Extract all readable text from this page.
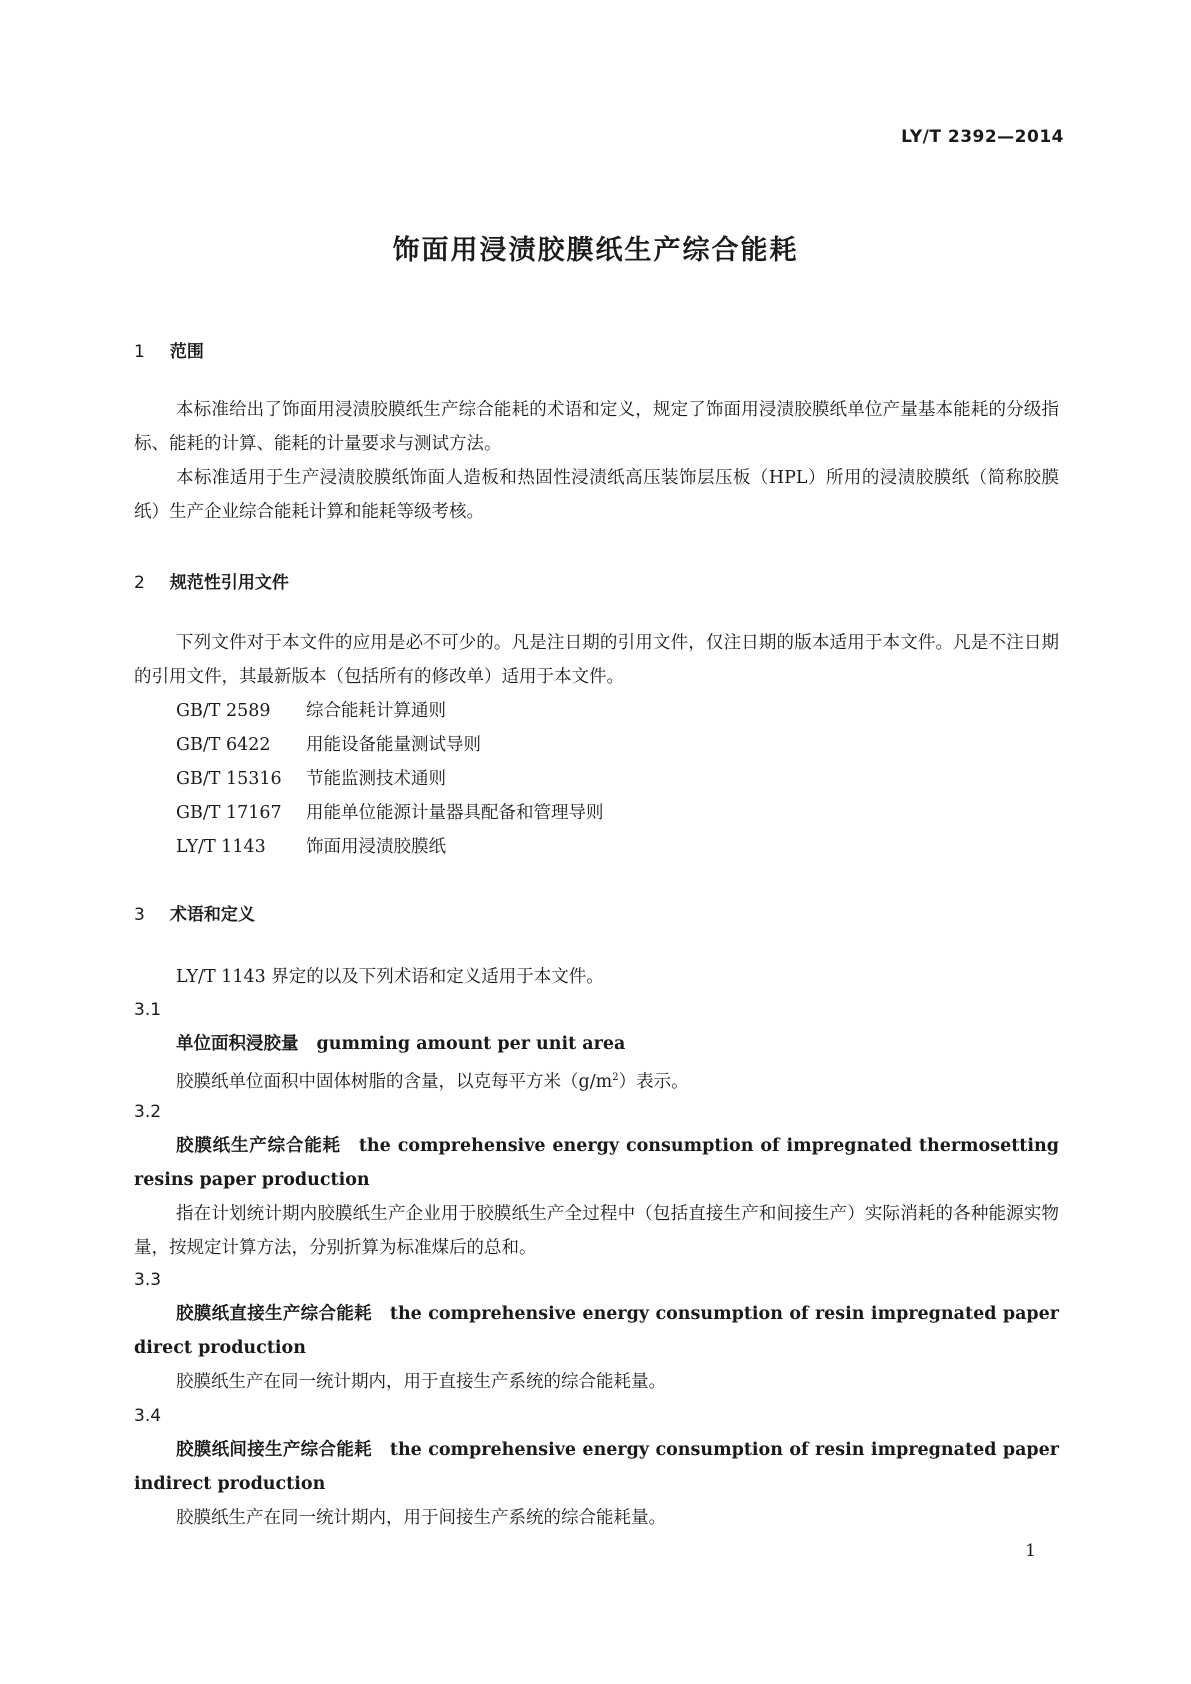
LY/T 2392—2014
饰面用浸渍胶膜纸生产综合能耗
1 范围
本标准给出了饰面用浸渍胶膜纸生产综合能耗的术语和定义，规定了饰面用浸渍胶膜纸单位产量基本能耗的分级指标、能耗的计算、能耗的计量要求与测试方法。
本标准适用于生产浸渍胶膜纸饰面人造板和热固性浸渍纸高压装饰层压板（HPL）所用的浸渍胶膜纸（简称胶膜纸）生产企业综合能耗计算和能耗等级考核。
2 规范性引用文件
下列文件对于本文件的应用是必不可少的。凡是注日期的引用文件，仅注日期的版本适用于本文件。凡是不注日期的引用文件，其最新版本（包括所有的修改单）适用于本文件。
GB/T 2589 综合能耗计算通则
GB/T 6422 用能设备能量测试导则
GB/T 15316 节能监测技术通则
GB/T 17167 用能单位能源计量器具配备和管理导则
LY/T 1143 饰面用浸渍胶膜纸
3 术语和定义
LY/T 1143 界定的以及下列术语和定义适用于本文件。
3.1
单位面积浸胶量 gumming amount per unit area
胶膜纸单位面积中固体树脂的含量，以克每平方米$(g/m^2)$表示。
3.2
胶膜纸生产综合能耗 the comprehensive energy consumption of impregnated thermosetting resins paper production
指在计划统计期内胶膜纸生产企业用于胶膜纸生产全过程中（包括直接生产和间接生产）实际消耗的各种能源实物量，按规定计算方法，分别折算为标准煤后的总和。
3.3
胶膜纸直接生产综合能耗 the comprehensive energy consumption of resin impregnated paper direct production
胶膜纸生产在同一统计期内，用于直接生产系统的综合能耗量。
3.4
胶膜纸间接生产综合能耗 the comprehensive energy consumption of resin impregnated paper indirect production
胶膜纸生产在同一统计期内，用于间接生产系统的综合能耗量。
1
